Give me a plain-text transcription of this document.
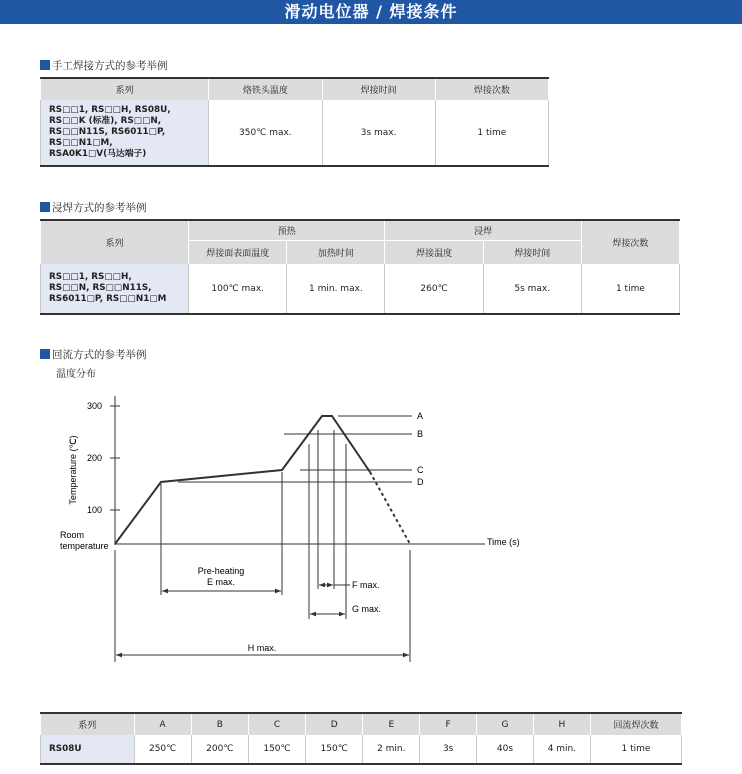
滑动电位器 / 焊接条件
手工焊接方式的参考举例
系列	烙铁头温度	焊接时间	焊接次数

RS□□1, RS□□H, RS08U,
RS□□K (标准), RS□□N,
RS□□N11S, RS6011□P,
RS□□N1□M,
RSA0K1□V(马达端子)	350℃ max.	3s max.	1 time
浸焊方式的参考举例
系列	预热		浸焊		焊接次数
	焊接面表面温度	加热时间	焊接温度	焊接时间	

RS□□1, RS□□H,
RS□□N, RS□□N11S,
RS6011□P, RS□□N1□M	100℃ max.	1 min. max.	260℃	5s max.	1 time
回流方式的参考举例
温度分布
300
200
100
Temperature (℃)
Room
temperature	Time (s)
A
B
C
D
Pre-heating
E max.	F max.
G max.
H max.
系列	A	B	C	D	E	F	G	H	回流焊次数
RS08U	250℃	200℃	150℃	150℃	2 min.	3s	40s	4 min.	1 time
